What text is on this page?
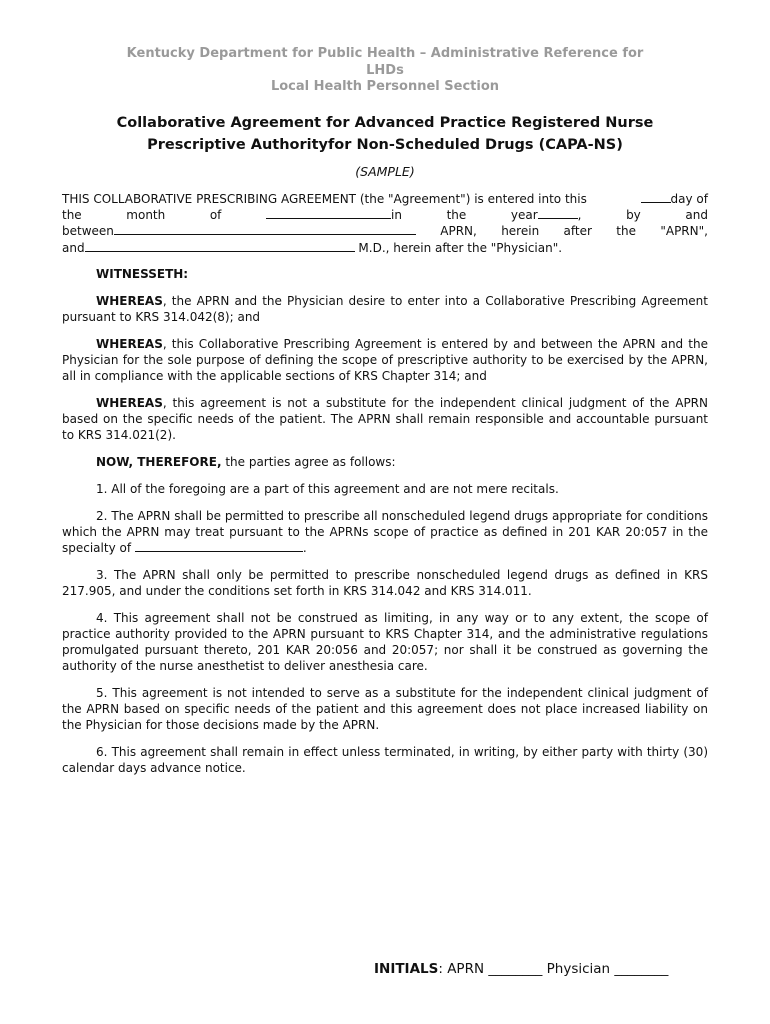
Kentucky Department for Public Health – Administrative Reference for
LHDs
Local Health Personnel Section
Collaborative Agreement for Advanced Practice Registered Nurse
Prescriptive Authorityfor Non-Scheduled Drugs (CAPA-NS)
(SAMPLE)
THIS COLLABORATIVE PRESCRIBING AGREEMENT (the "Agreement") is entered into this	day of
the	month	of	in	the	year	,	by	and
between	APRN, herein after the "APRN",
and	M.D., herein after the "Physician".

WITNESSETH:

WHEREAS, the APRN and the Physician desire to enter into a Collaborative Prescribing Agreement pursuant to KRS 314.042(8); and

WHEREAS, this Collaborative Prescribing Agreement is entered by and between the APRN and the Physician for the sole purpose of defining the scope of prescriptive authority to be exercised by the APRN, all in compliance with the applicable sections of KRS Chapter 314; and

WHEREAS, this agreement is not a substitute for the independent clinical judgment of the APRN based on the specific needs of the patient. The APRN shall remain responsible and accountable pursuant to KRS 314.021(2).

NOW, THEREFORE, the parties agree as follows:

1. All of the foregoing are a part of this agreement and are not mere recitals.

2. The APRN shall be permitted to prescribe all nonscheduled legend drugs appropriate for conditions which the APRN may treat pursuant to the APRNs scope of practice as defined in 201 KAR 20:057 in the specialty of	.

3. The APRN shall only be permitted to prescribe nonscheduled legend drugs as defined in KRS 217.905, and under the conditions set forth in KRS 314.042 and KRS 314.011.

4. This agreement shall not be construed as limiting, in any way or to any extent, the scope of practice authority provided to the APRN pursuant to KRS Chapter 314, and the administrative regulations promulgated pursuant thereto, 201 KAR 20:056 and 20:057; nor shall it be construed as governing the authority of the nurse anesthetist to deliver anesthesia care.

5. This agreement is not intended to serve as a substitute for the independent clinical judgment of the APRN based on specific needs of the patient and this agreement does not place increased liability on the Physician for those decisions made by the APRN.

6. This agreement shall remain in effect unless terminated, in writing, by either party with thirty (30) calendar days advance notice.

INITIALS: APRN ________ Physician ________
